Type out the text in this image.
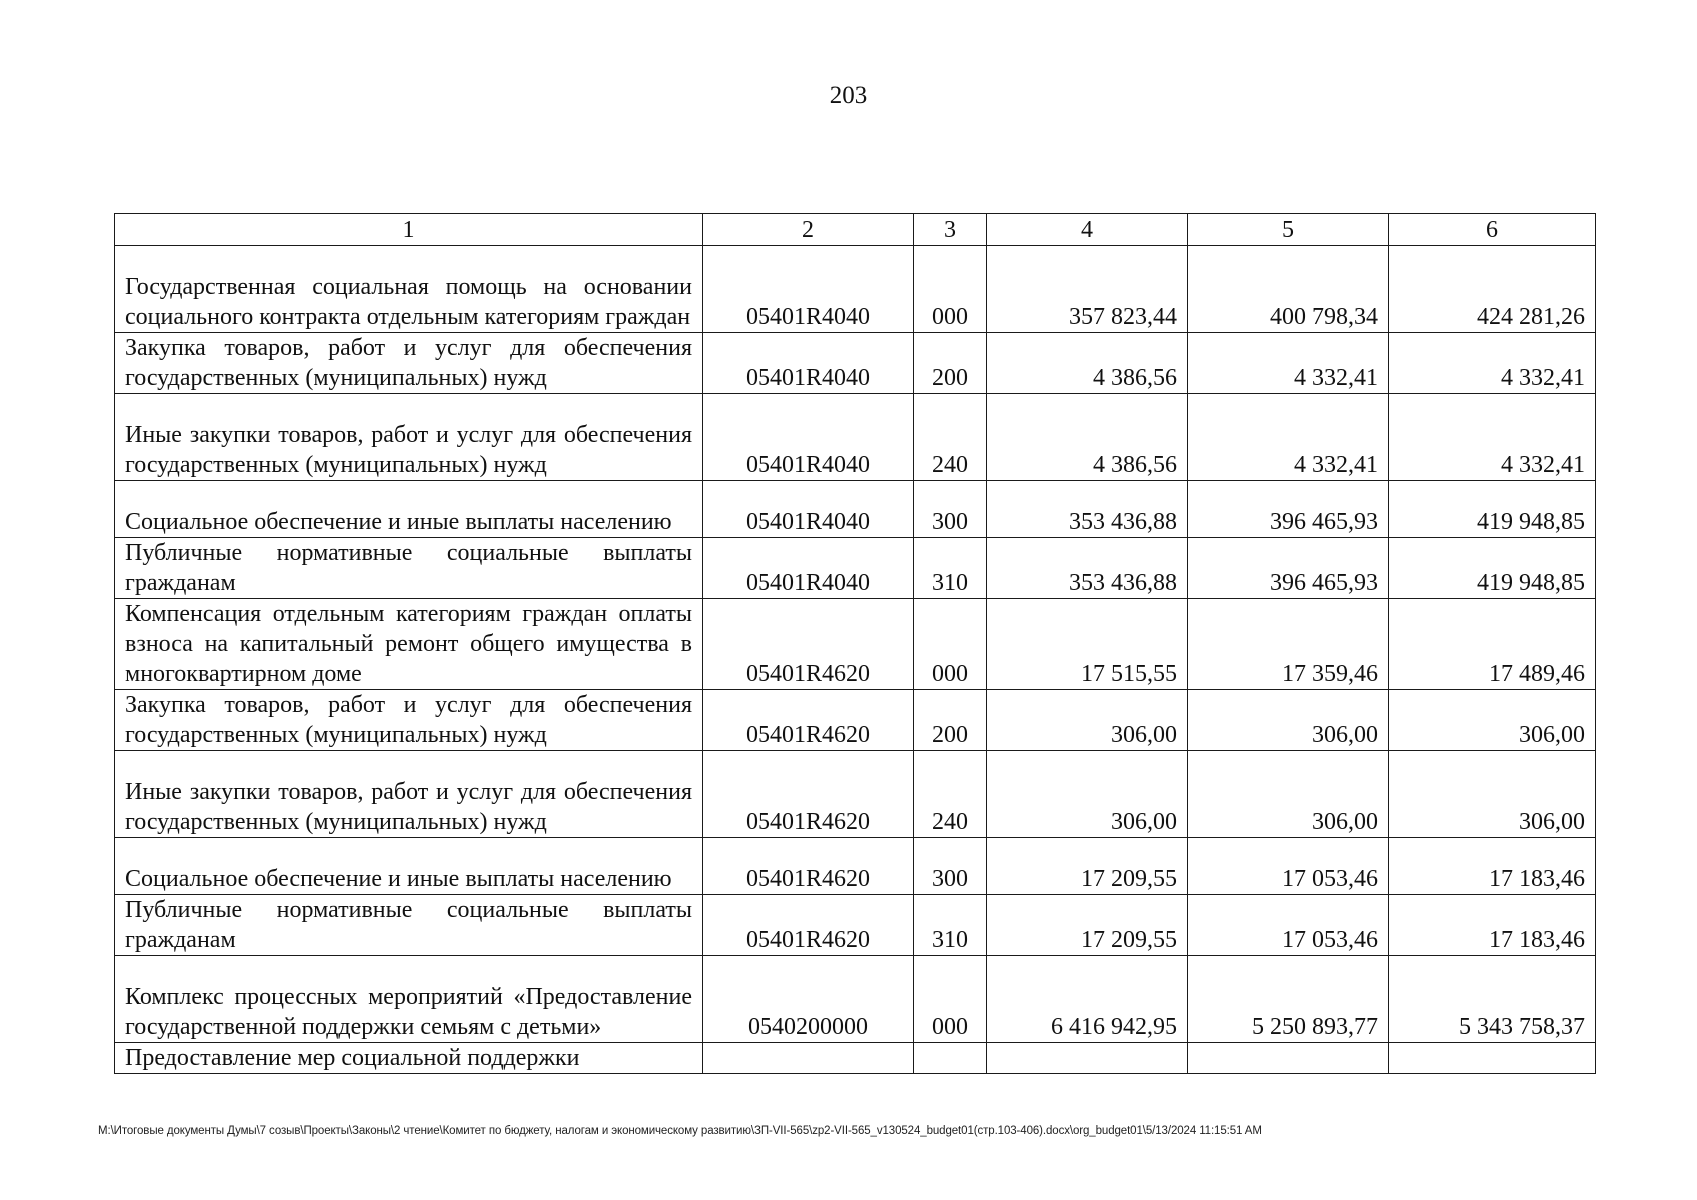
203
1	2	3	4	5	6
Государственная социальная помощь на основании социального контракта отдельным категориям граждан	05401R4040	000	357 823,44	400 798,34	424 281,26
Закупка товаров, работ и услуг для обеспечения государственных (муниципальных) нужд	05401R4040	200	4 386,56	4 332,41	4 332,41
Иные закупки товаров, работ и услуг для обеспечения государственных (муниципальных) нужд	05401R4040	240	4 386,56	4 332,41	4 332,41
Социальное обеспечение и иные выплаты населению	05401R4040	300	353 436,88	396 465,93	419 948,85
Публичные нормативные социальные выплаты гражданам	05401R4040	310	353 436,88	396 465,93	419 948,85
Компенсация отдельным категориям граждан оплаты взноса на капитальный ремонт общего имущества в многоквартирном доме	05401R4620	000	17 515,55	17 359,46	17 489,46
Закупка товаров, работ и услуг для обеспечения государственных (муниципальных) нужд	05401R4620	200	306,00	306,00	306,00
Иные закупки товаров, работ и услуг для обеспечения государственных (муниципальных) нужд	05401R4620	240	306,00	306,00	306,00
Социальное обеспечение и иные выплаты населению	05401R4620	300	17 209,55	17 053,46	17 183,46
Публичные нормативные социальные выплаты гражданам	05401R4620	310	17 209,55	17 053,46	17 183,46
Комплекс процессных мероприятий «Предоставление государственной поддержки семьям с детьми»	0540200000	000	6 416 942,95	5 250 893,77	5 343 758,37
Предоставление мер социальной поддержки					
M:\Итоговые документы Думы\7 созыв\Проекты\Законы\2 чтение\Комитет по бюджету, налогам и экономическому развитию\ЗП-VII-565\zp2-VII-565_v130524_budget01(стр.103-406).docx\org_budget01\5/13/2024 11:15:51 AM
